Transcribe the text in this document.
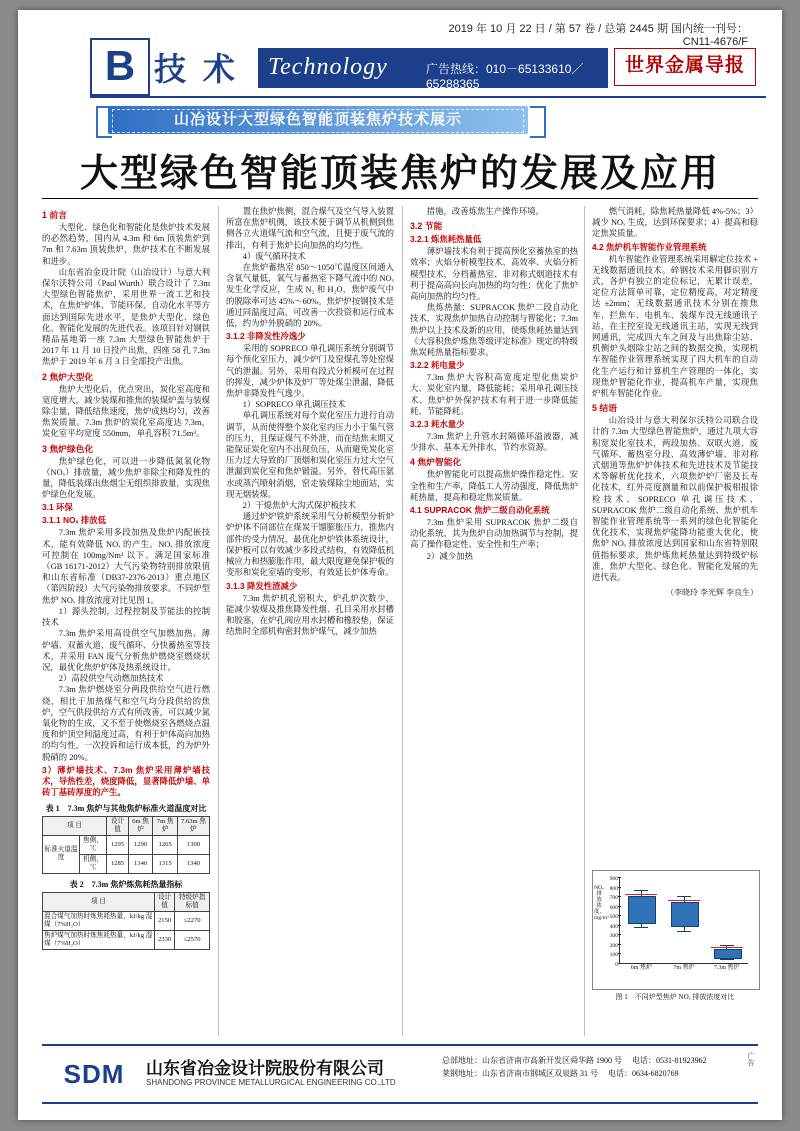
2019 年 10 月 22 日 / 第 57 卷 / 总第 2445 期 国内统一刊号：CN11-4676/F
B 技 术 Technology	广告热线：010－65133610／65288365
世界金属导报
山冶设计大型绿色智能顶装焦炉技术展示
大型绿色智能顶装焦炉的发展及应用
1 前言

大型化、绿色化和智能化是焦炉技术发展的必然趋势，国内从 4.3m 和 6m 顶装焦炉到 7m 和 7.63m 顶装焦炉，焦炉技术在不断发展和进步。

山东省冶金设计院（山冶设计）与意大利保尔沃特公司（Paul Wurth）联合设计了 7.3m 大型绿色智能焦炉，采用世界一流工艺和技术，在焦炉炉体、节能环保、自动化水平等方面达到国际先进水平，是焦炉大型化、绿色化、智能化发展的先进代表。该项目针对钢铁精品基地第一座 7.3m 大型绿色智能焦炉于 2017 年 11 月 10 日投产出焦，四座 58 孔 7.3m 焦炉于 2019 年 6 月 3 日全部投产出焦。

2 焦炉大型化

焦炉大型化后，优点突出，炭化室高度和宽度增大，减少装煤和推焦的装煤炉盖与装煤除尘量，降低结焦速度，焦炉成热均匀，改善焦炭质量。7.3m 焦炉的炭化室高度达 7.3m，炭化室平均宽度 550mm，单孔容积 71.5m³。

3 焦炉绿色化

焦炉绿色化，可以进一步降低氮氧化物（NOₓ）排放量，减少焦炉非除尘和降发性的量，降低装煤出焦烟尘无组织排放量，实现焦炉绿色化发展。

3.1 环保
3.1.1 NOₓ 排放低

7.3m 焦炉采用多段加热及焦炉内配嵌技术，能有效降低 NOₓ 的产生。NOₓ 排放浓度可控制在 100mg/Nm³ 以下。满足国家标准（GB 16171-2012）大气污染物特别排放限值和山东省标准（DB37-2376-2013）重点地区（第四阶段）大气污染物排放要求。不同炉型焦炉 NOₓ 排放浓度对比见图 1。

1）源头控制，过程控制及节能法的控制技术

7.3m 焦炉采用高设供空气加燃加热、薄炉墙、双蓄火道、废气循环、分快蓄热室等技术，并采用 FAN 废气分析焦炉燃烧室燃烧状况，最优化焦炉炉体及热系统设计。

2）高段供空气动燃加热技术

7.3m 焦炉燃烧室分两段供给空气进行燃烧，相比于加热煤气和空气均分段供给的焦炉，空气供段供给方式有所改善，可以减少氮氧化物的生成，又不至于使燃烧室各燃烧点温度和炉顶空间温度过高，有利于炉体高向加热的均匀性，一次投诉和运行成本低，约为炉外脱硝的 20%。

3）薄炉墙技术、7.3m 焦炉采用薄炉墙技术，导热性差，烧度降低，显著降低炉墙、单砖丁基砖厚度的产生。
表 1　7.3m 焦炉与其他焦炉标准火道温度对比
项 目		设计值	6m 焦炉	7m 焦炉	7.63m 焦炉
标准火道温度	焦侧，℃	1295	1290	1265	1300
	机侧，℃	1285	1340	1315	1340
表 2　7.3m 焦炉炼焦耗热量指标
项 目	设计值	特级炉指标值
混合煤气加热时炼焦耗热量，kJ/kg 湿煤（7%H₂O）	2150	≤2270
焦炉煤气加热时炼焦耗热量，kJ/kg 湿煤（7%H₂O）	2330	≤2570

置在焦炉焦侧，混合煤气及空气导入装置所富在焦炉机侧，该技术便于调节从机侧到焦侧各立火道煤气流和空气流，且便于废气流的排出，有利于焦炉长向加热的均匀性。

4）废气循环技术

在焦炉蓄热室 850～1050℃温度区间通入含氧气量低，氧气与蓄热室下降气流中的 NOₓ 发生化学反应，生成 N₂ 和 H₂O，焦炉废气中的脱除率可达 45%～60%。焦炉炉按钢技术是通过同温度过高，可改善一次投资和运行成本低，约为炉外脱硝的 20%。

3.1.2 非降发性冷逸少

采用的 SOPRECO 单孔调压系统分别调节每个预化室压力，减少炉门及窑煤孔等处窑煤气的泄漏。另外，采用有段式分析模可在过程的挥发，减少炉体及炉厂等处煤尘泄漏，降低焦炉非降发性气逸少。

1）SOPRECO 单孔调压技术

单孔调压系统对每个炭化室压力进行自动调节，从而使得整个炭化室内压力小于集气管的压力，且保证煤气不外泄，而在结焦末期又能保证炭化室内不出现负压，从而避免炭化室压力过大导致的厂顶烟和炭化室压力过大空气泄漏到炭化室和焦炉锻溢。另外，替代高压氨水或蒸汽喷射消烟，窑走装煤除尘地面站，实现无烟装煤。

2）干熄焦炉大沟式保护板技术

通过炉炉铁炉系统采用气分析模型分析炉炉炉体不同部位在煤炭干馏膨胀压力，推焦内部件的受力情况，最优化炉炉铁体系统设计，保护板可以有效减少多段式结构，有效降低机械应力和热膨胀作用，最大限度避免保护板的变形和炭化室墙的变形，有效延长炉体寿命。

3.1.3 降发性渣减少

7.3m 焦炉机孔窑积大，炉孔炉次数少，能减少装煤及推焦降发性烟、孔目采用水封槽和胶塞，在炉孔阀应用水封槽和橡胶垫，保证结焦时全部机构密封焦炉煤气，减少加热

措施，改善炼焦生产操作环境。

3.2 节能
3.2.1 炼焦耗热量低

薄炉墙技术有利于提高预化室蓄热室的热效率；火焰分析模型技术、高效率、火焰分析模型技术，分档蓄热室、非对称式烟道技术有利于提高高向长向加热的均匀性；优化了焦炉高向加热的均匀性。

焦炼热量：SUPRACOK 焦炉二段自动化技术，实现焦炉加热自动控制与智能化；7.3m 焦炉以上技术及新的应用，使炼焦耗热量达到《大容积焦炉炼焦等级评定标准》规定的特级焦炭耗热量指标要求。

3.2.2 耗电量少

7.3m 焦炉大容积高宽度定型化焦炭炉大、炭化室内量，降低能耗；采用单孔调压技术、焦炉炉外保护技术有利于进一步降低能耗、节能降耗。

3.2.3 耗水量少

7.3m 焦炉上升管水封隔循环溢液器，减少排水、基本无外排水，节约水资源。

4 焦炉智能化

焦炉智能化可以提高焦炉操作稳定性、安全性和生产率，降低工人劳动强度，降低焦炉耗热量，提高和稳定焦炭质量。

4.1 SUPRACOK 焦炉二级自动化系统

7.3m 焦炉采用 SUPRACOK 焦炉二级自动化系统，其为焦炉自动加热调节与控制，提高了操作稳定性、安全性和生产率；

2）减少加热

燃气消耗，除焦耗热量降低 4%-5%；3）减少 NOₓ 生成，达到环保要求；4）提高和稳定焦炭质量。

4.2 焦炉机车智能作业管理系统

机车智能作业管理系统采用解定位技术 + 无线数据通讯技术。碎钢技术采用脚识别方式，各炉有独立的定位标记，无累计误差，定位方法简单可靠，定位精度高，对定精度达 ±2mm；无线数据通讯技术分别在推焦车、拦焦车、电机车、装煤车没无线通讯子站，在主控室设无线通讯主站，实现无线到网通讯，完成四大车之间及与出焦除尘站、机侧炉头烟除尘站之间的数据交换，实现机车智能作业管理系统实现了四大机车的自动化生产运行和计算机生产管理的一体化，实现焦炉智能化作业，提高机车产量，实现焦炉机车智能化作业。

5 结语

山冶设计与意大利保尔沃特公司联合设计的 7.3m 大型绿色智能焦炉，通过九项大容积宽炭化室技术，两段加热、双联火道、废气循环、蓄热室分段、高效薄炉墙、非对称式烟道等焦炉炉体技术和先进技术及节能技术等解析优化技术，六项焦炉炉厂密及长寿化技术，红外亮度测量和以前保护板相报徐检技术、SOPRECO 单孔调压技术、SUPRACOK 焦炉二级自动化系统、焦炉机车智能作业管理系统等一系列的绿色化智能化优化技术，实现焦炉能降功能重大优化，使焦炉 NOₓ 排放浓度达到国家和山东省特别限值指标要求，焦炉炼焦耗热量达到特级炉标准，焦炉大型化、绿色化、智能化发展的先进代表。

（李晓玲 李光辉 李良生）
NOₓ 排放浓度，mg/m³
0
100
200
300
400
500
600
700
800
900
6m 焦炉	7m 焦炉	7.3m 焦炉
图 1　不同炉型焦炉 NOₓ 排放浓度对比
SDM	山东省冶金设计院股份有限公司
SHANDONG PROVINCE METALLURGICAL ENGINEERING CO.,LTD
总部地址：山东省济南市高新开发区舜华路 1900 号 电话：0531-81923962
莱钢地址：山东省济南市钢城区双泉路 31 号 电话：0634-6820769
广告
